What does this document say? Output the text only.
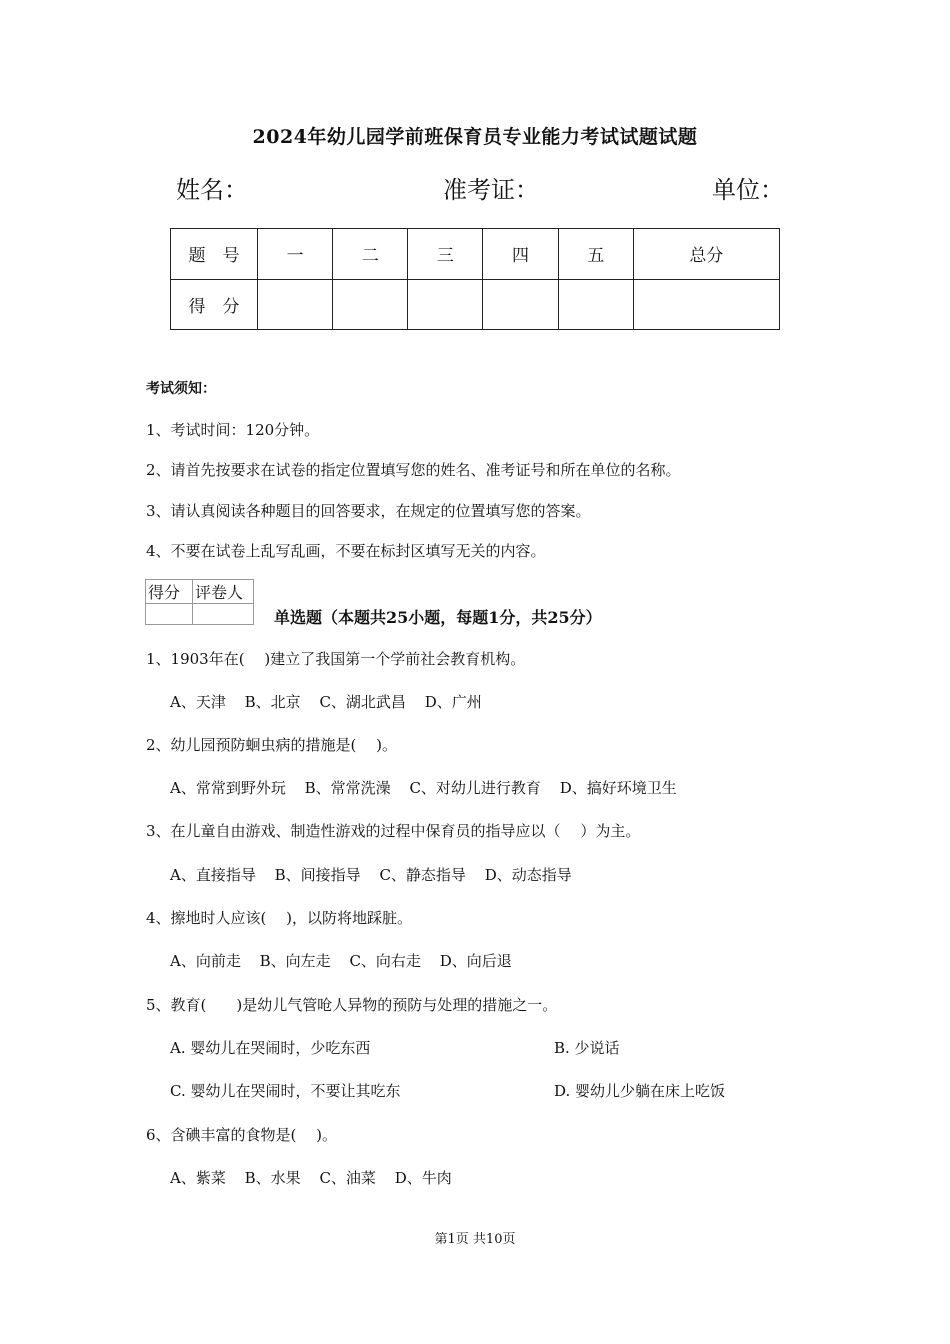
2024年幼儿园学前班保育员专业能力考试试题试题
姓名：	准考证：	单位：
题　号	一	二	三	四	五	总分
得　分						
考试须知：
1、考试时间：120分钟。
2、请首先按要求在试卷的指定位置填写您的姓名、准考证号和所在单位的名称。
3、请认真阅读各种题目的回答要求，在规定的位置填写您的答案。
4、不要在试卷上乱写乱画，不要在标封区填写无关的内容。
得分	评卷人

单选题（本题共25小题，每题1分，共25分）
1、1903年在(　 )建立了我国第一个学前社会教育机构。
A、天津 B、北京 C、湖北武昌 D、广州
2、幼儿园预防蛔虫病的措施是(　 )。
A、常常到野外玩 B、常常洗澡 C、对幼儿进行教育 D、搞好环境卫生
3、在儿童自由游戏、制造性游戏的过程中保育员的指导应以（　 ）为主。
A、直接指导 B、间接指导 C、静态指导 D、动态指导
4、擦地时人应该(　 )，以防将地踩脏。
A、向前走 B、向左走 C、向右走 D、向后退
5、教育(　　)是幼儿气管呛人异物的预防与处理的措施之一。
A. 婴幼儿在哭闹时，少吃东西	B. 少说话
C. 婴幼儿在哭闹时，不要让其吃东	D. 婴幼儿少躺在床上吃饭
6、含碘丰富的食物是(　 )。
A、紫菜 B、水果 C、油菜 D、牛肉
第1页 共10页
